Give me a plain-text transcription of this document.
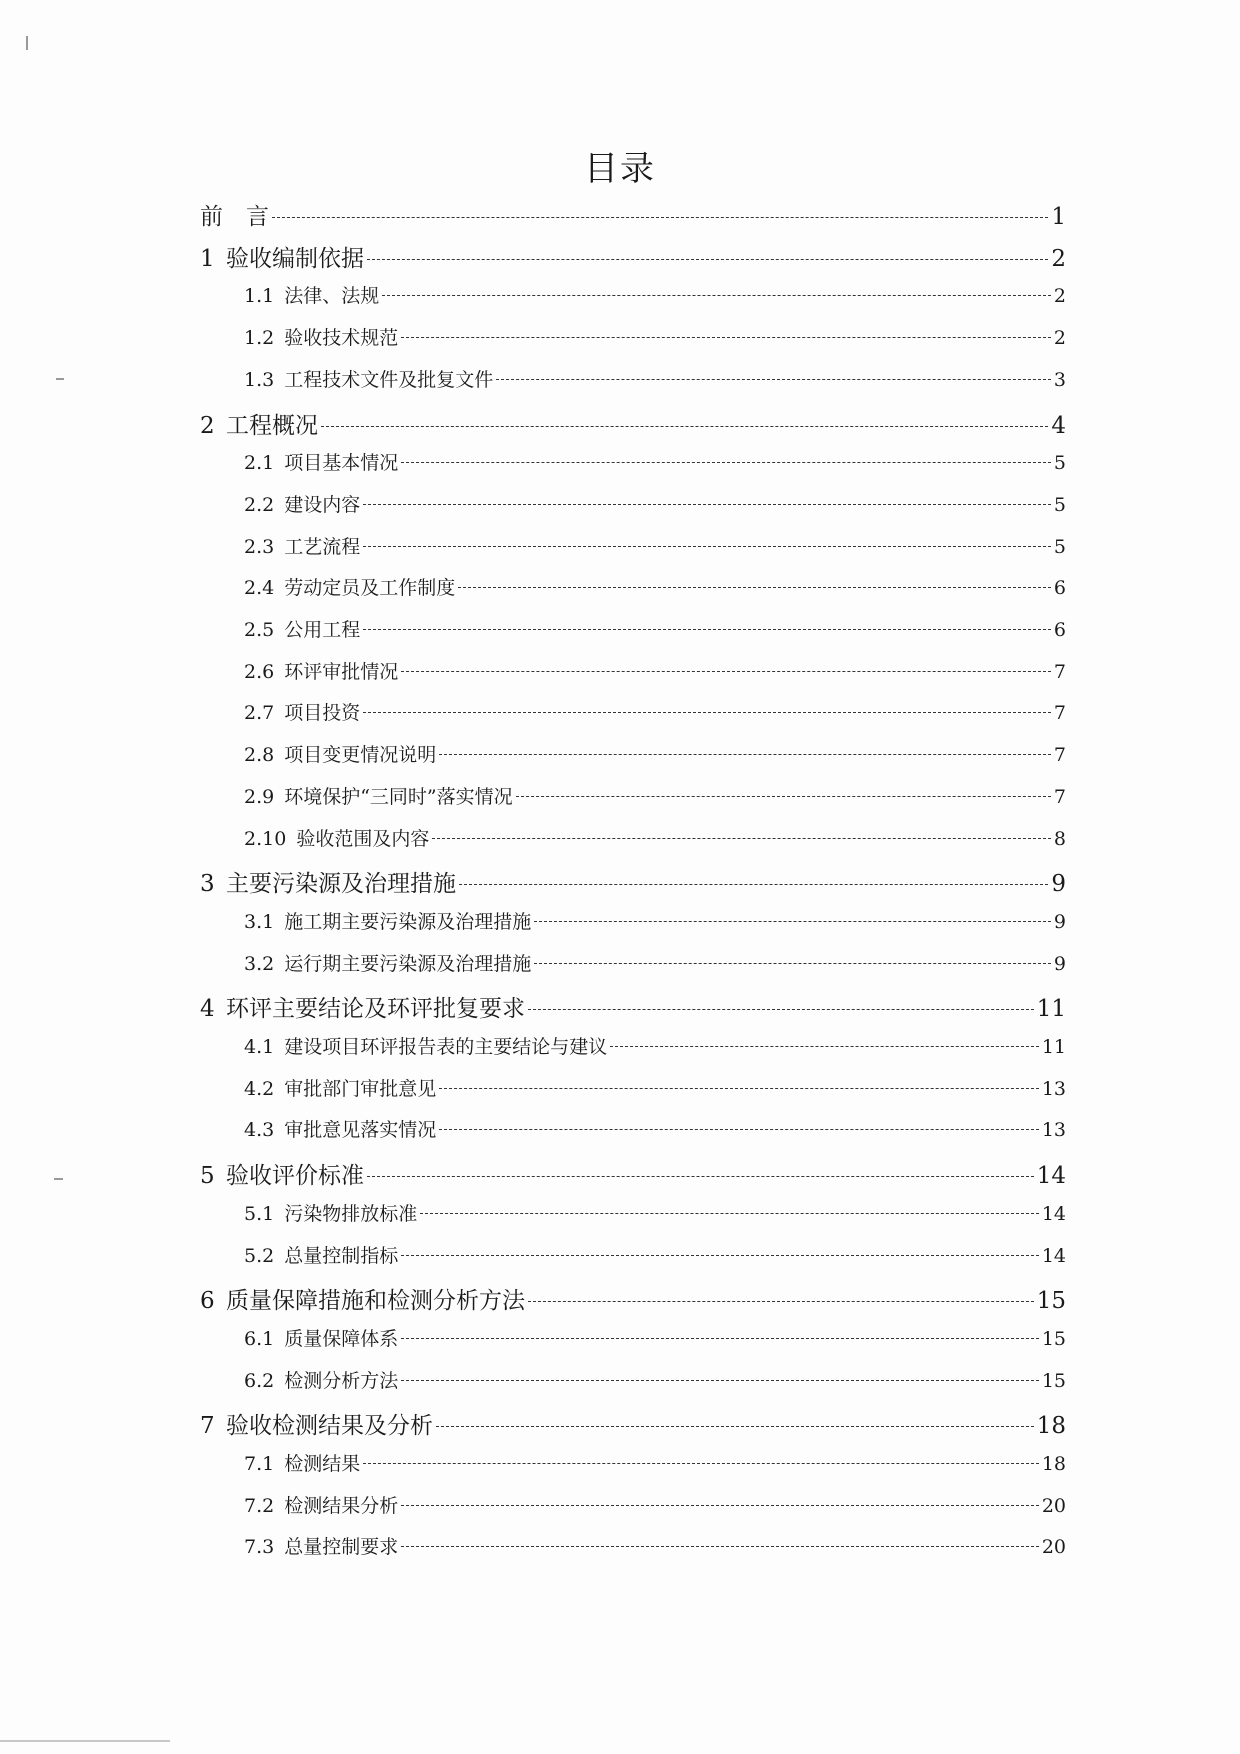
目录
前　言	1
1 验收编制依据	2
1.1 法律、法规	2
1.2 验收技术规范	2
1.3 工程技术文件及批复文件	3
2 工程概况	4
2.1 项目基本情况	5
2.2 建设内容	5
2.3 工艺流程	5
2.4 劳动定员及工作制度	6
2.5 公用工程	6
2.6 环评审批情况	7
2.7 项目投资	7
2.8 项目变更情况说明	7
2.9 环境保护“三同时”落实情况	7
2.10 验收范围及内容	8
3 主要污染源及治理措施	9
3.1 施工期主要污染源及治理措施	9
3.2 运行期主要污染源及治理措施	9
4 环评主要结论及环评批复要求	11
4.1 建设项目环评报告表的主要结论与建议	11
4.2 审批部门审批意见	13
4.3 审批意见落实情况	13
5 验收评价标准	14
5.1 污染物排放标准	14
5.2 总量控制指标	14
6 质量保障措施和检测分析方法	15
6.1 质量保障体系	15
6.2 检测分析方法	15
7 验收检测结果及分析	18
7.1 检测结果	18
7.2 检测结果分析	20
7.3 总量控制要求	20
